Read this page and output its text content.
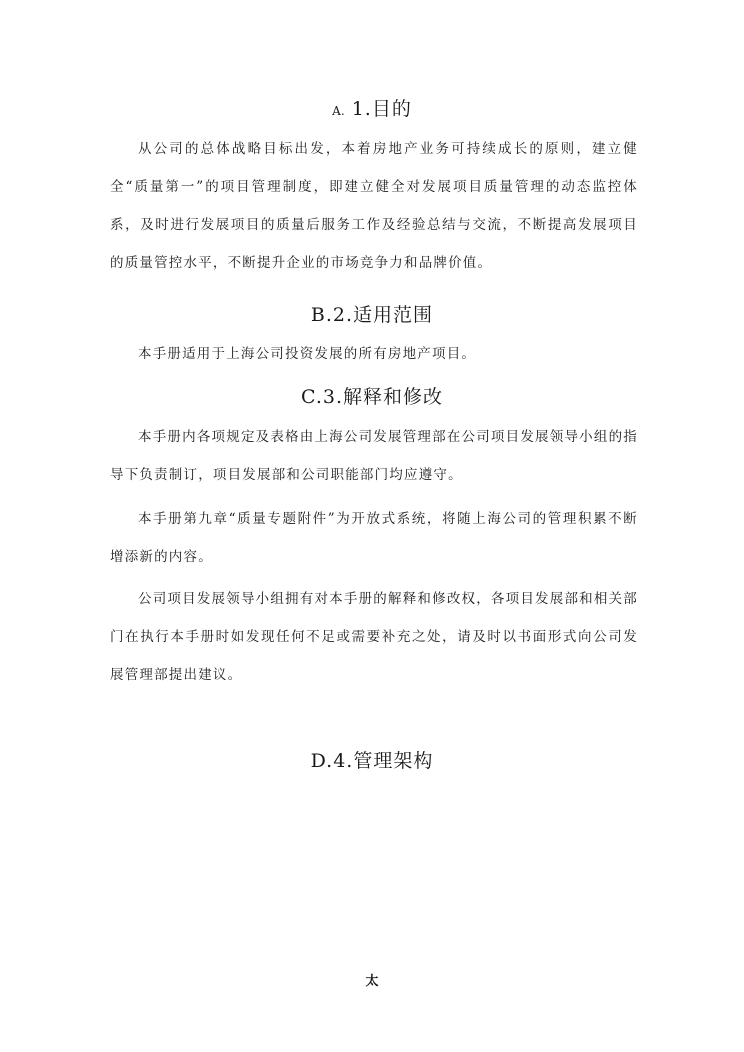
A. 1.目的

从公司的总体战略目标出发，本着房地产业务可持续成长的原则，建立健全“质量第一”的项目管理制度，即建立健全对发展项目质量管理的动态监控体系，及时进行发展项目的质量后服务工作及经验总结与交流，不断提高发展项目的质量管控水平，不断提升企业的市场竞争力和品牌价值。

B.2.适用范围

本手册适用于上海公司投资发展的所有房地产项目。

C.3.解释和修改

本手册内各项规定及表格由上海公司发展管理部在公司项目发展领导小组的指导下负责制订，项目发展部和公司职能部门均应遵守。

本手册第九章“质量专题附件”为开放式系统，将随上海公司的管理积累不断增添新的内容。

公司项目发展领导小组拥有对本手册的解释和修改权，各项目发展部和相关部门在执行本手册时如发现任何不足或需要补充之处，请及时以书面形式向公司发展管理部提出建议。

D.4.管理架构
太
